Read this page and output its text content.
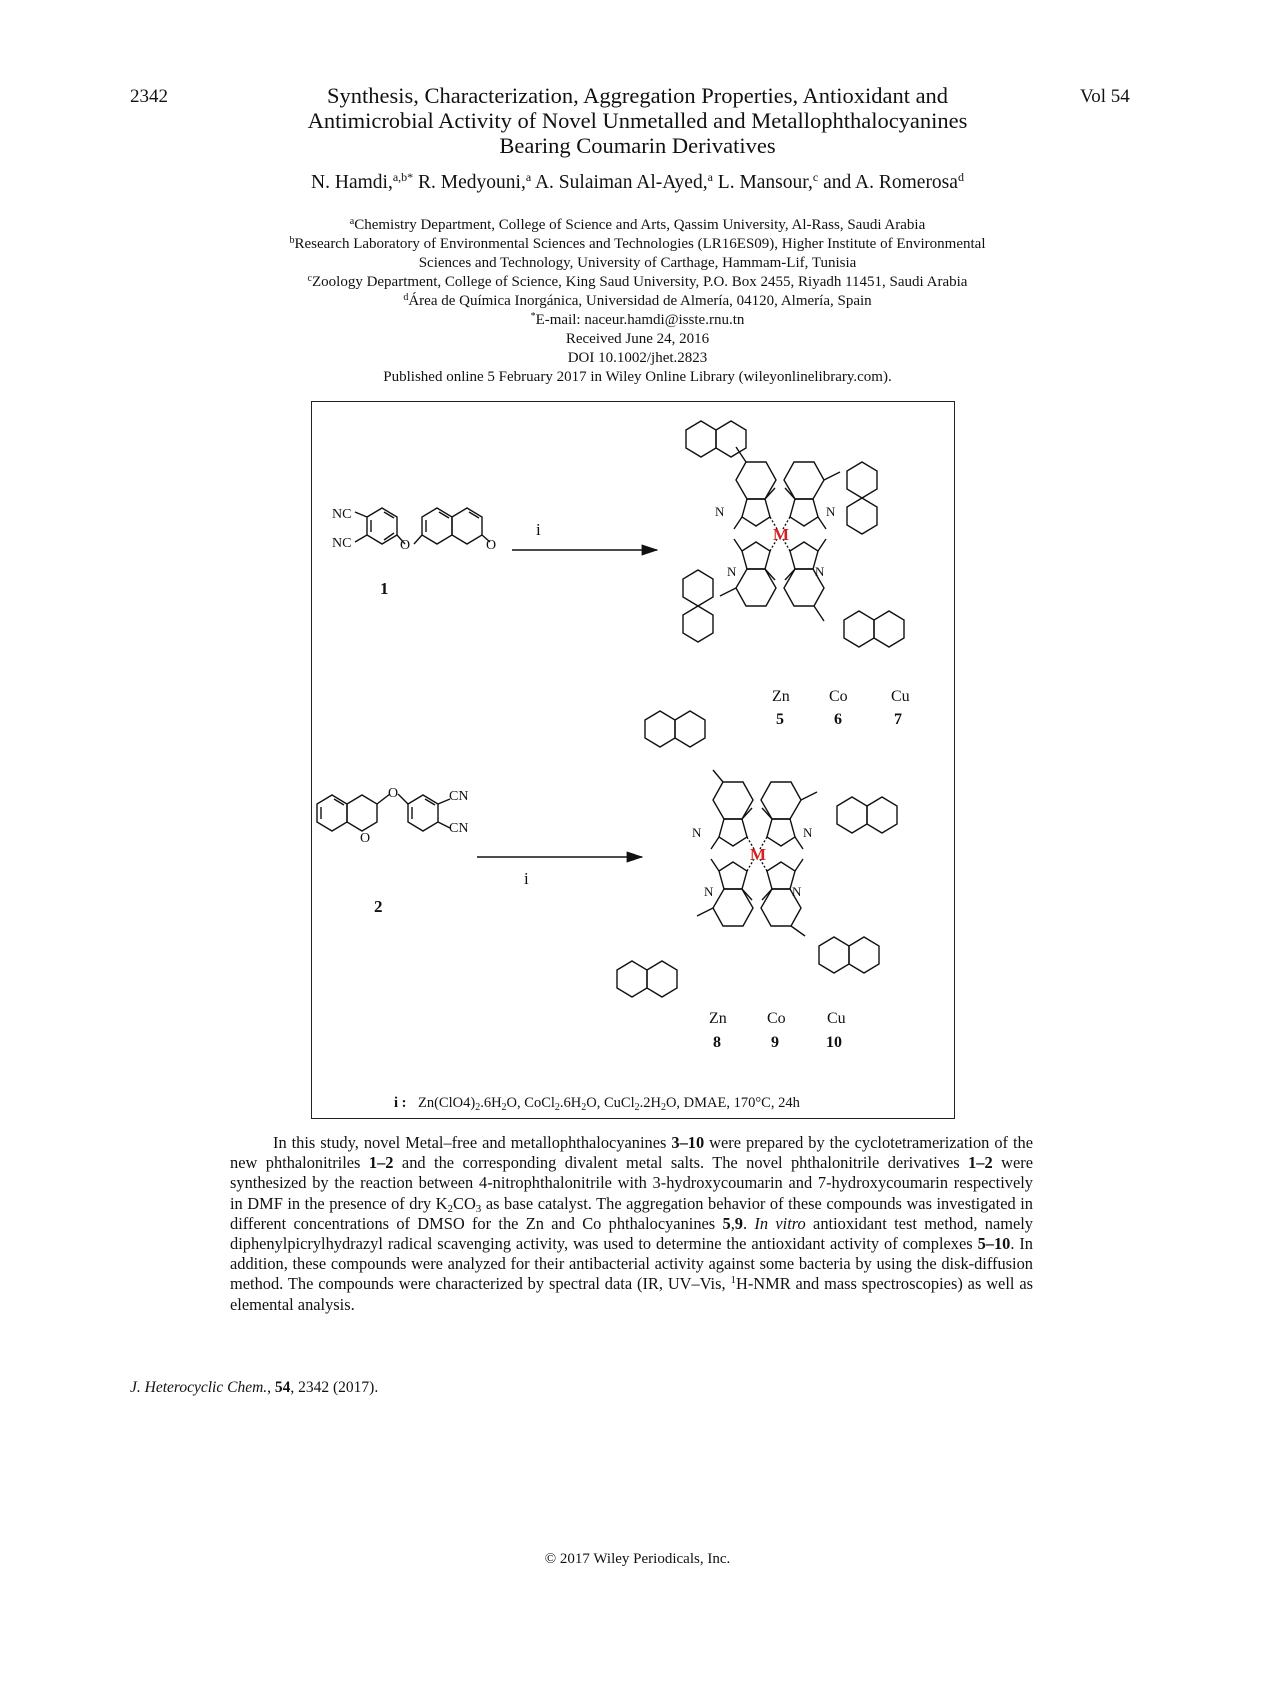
2342	Vol 54
Synthesis, Characterization, Aggregation Properties, Antioxidant and
Antimicrobial Activity of Novel Unmetalled and Metallophthalocyanines
Bearing Coumarin Derivatives
N. Hamdi,$^{a,b*}$ R. Medyouni,$^a$ A. Sulaiman Al-Ayed,$^a$ L. Mansour,$^c$ and A. Romerosa$^d$
$^a$Chemistry Department, College of Science and Arts, Qassim University, Al-Rass, Saudi Arabia
$^b$Research Laboratory of Environmental Sciences and Technologies (LR16ES09), Higher Institute of Environmental
Sciences and Technology, University of Carthage, Hammam-Lif, Tunisia
$^c$Zoology Department, College of Science, King Saud University, P.O. Box 2455, Riyadh 11451, Saudi Arabia
$^d$Área de Química Inorgánica, Universidad de Almería, 04120, Almería, Spain
*E-mail: naceur.hamdi@isste.rnu.tn
Received June 24, 2016
DOI 10.1002/jhet.2823
Published online 5 February 2017 in Wiley Online Library (wileyonlinelibrary.com).
NC
NC	O	O
CN
CN
O
O
N
N
N
N
N
N
N
N
i
i
1
2
M
M
Zn Co	Cu
5	6	7
Zn	Co	Cu
8	9	10
i : Zn(ClO4)2.6H2O, CoCl2.6H2O, CuCl2.2H2O, DMAE, 170°C, 24h
In this study, novel Metal–free and metallophthalocyanines 3–10 were prepared by the cyclotetramerization of the new phthalonitriles 1–2 and the corresponding divalent metal salts. The novel phthalonitrile derivatives 1–2 were synthesized by the reaction between 4-nitrophthalonitrile with 3-hydroxycoumarin and 7-hydroxycoumarin respectively in DMF in the presence of dry $K_2CO_3$ as base catalyst. The aggregation behavior of these compounds was investigated in different concentrations of DMSO for the Zn and Co phthalocyanines 5,9. In vitro antioxidant test method, namely diphenylpicrylhydrazyl radical scavenging activity, was used to determine the antioxidant activity of complexes 5–10. In addition, these compounds were analyzed for their antibacterial activity against some bacteria by using the disk-diffusion method. The compounds were characterized by spectral data (IR, UV–Vis, $^1$H-NMR and mass spectroscopies) as well as elemental analysis.
J. Heterocyclic Chem., 54, 2342 (2017).
© 2017 Wiley Periodicals, Inc.
